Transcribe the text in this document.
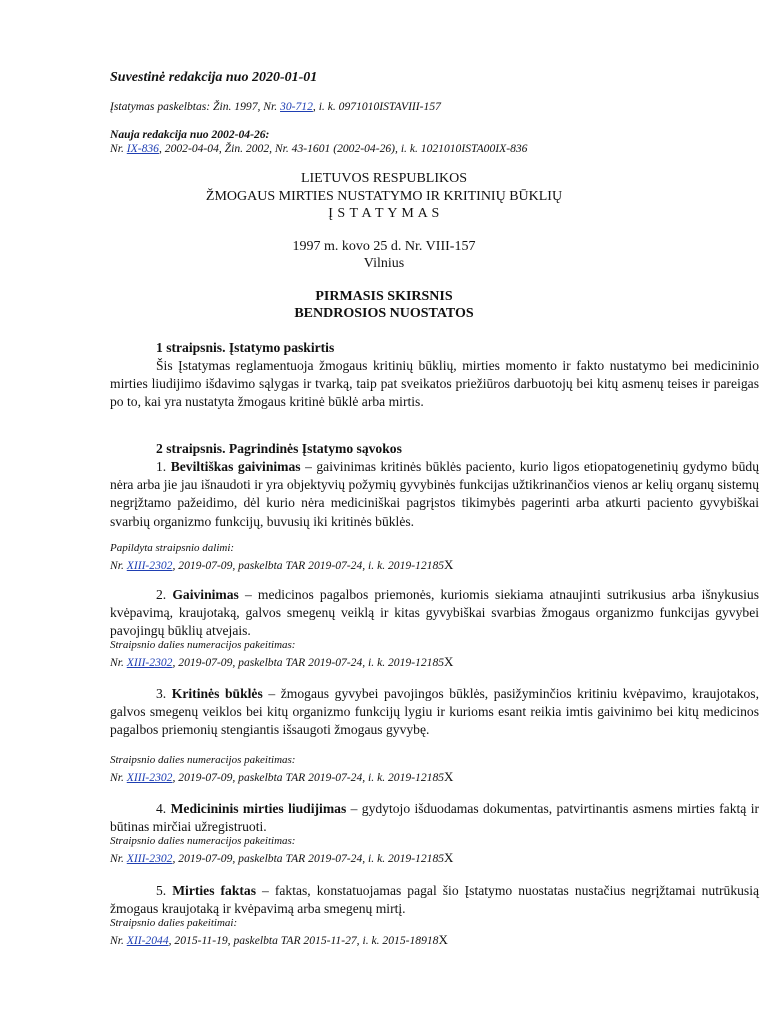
Suvestinė redakcija nuo 2020-01-01
Įstatymas paskelbtas: Žin. 1997, Nr. 30-712, i. k. 0971010ISTAVIII-157
Nauja redakcija nuo 2002-04-26:
Nr. IX-836, 2002-04-04, Žin. 2002, Nr. 43-1601 (2002-04-26), i. k. 1021010ISTA00IX-836
LIETUVOS RESPUBLIKOS
ŽMOGAUS MIRTIES NUSTATYMO IR KRITINIŲ BŪKLIŲ
Į S T A T Y M A S
1997 m. kovo 25 d. Nr. VIII-157
Vilnius
PIRMASIS SKIRSNIS
BENDROSIOS NUOSTATOS
1 straipsnis. Įstatymo paskirtis
Šis Įstatymas reglamentuoja žmogaus kritinių būklių, mirties momento ir fakto nustatymo bei medicininio mirties liudijimo išdavimo sąlygas ir tvarką, taip pat sveikatos priežiūros darbuotojų bei kitų asmenų teises ir pareigas po to, kai yra nustatyta žmogaus kritinė būklė arba mirtis.
2 straipsnis. Pagrindinės Įstatymo sąvokos
1. Beviltiškas gaivinimas – gaivinimas kritinės būklės paciento, kurio ligos etiopatogenetinių gydymo būdų nėra arba jie jau išnaudoti ir yra objektyvių požymių gyvybinės funkcijas užtikrinančios vienos ar kelių organų sistemų negrįžtamo pažeidimo, dėl kurio nėra mediciniškai pagrįstos tikimybės pagerinti arba atkurti paciento gyvybiškai svarbių organizmo funkcijų, buvusių iki kritinės būklės.
Papildyta straipsnio dalimi:
Nr. XIII-2302, 2019-07-09, paskelbta TAR 2019-07-24, i. k. 2019-12185X
2. Gaivinimas – medicinos pagalbos priemonės, kuriomis siekiama atnaujinti sutrikusius arba išnykusius kvėpavimą, kraujotaką, galvos smegenų veiklą ir kitas gyvybiškai svarbias žmogaus organizmo funkcijas gyvybei pavojingų būklių atvejais.
Straipsnio dalies numeracijos pakeitimas:
Nr. XIII-2302, 2019-07-09, paskelbta TAR 2019-07-24, i. k. 2019-12185X
3. Kritinės būklės – žmogaus gyvybei pavojingos būklės, pasižyminčios kritiniu kvėpavimo, kraujotakos, galvos smegenų veiklos bei kitų organizmo funkcijų lygiu ir kurioms esant reikia imtis gaivinimo bei kitų medicinos pagalbos priemonių stengiantis išsaugoti žmogaus gyvybę.
Straipsnio dalies numeracijos pakeitimas:
Nr. XIII-2302, 2019-07-09, paskelbta TAR 2019-07-24, i. k. 2019-12185X
4. Medicininis mirties liudijimas – gydytojo išduodamas dokumentas, patvirtinantis asmens mirties faktą ir būtinas mirčiai užregistruoti.
Straipsnio dalies numeracijos pakeitimas:
Nr. XIII-2302, 2019-07-09, paskelbta TAR 2019-07-24, i. k. 2019-12185X
5. Mirties faktas – faktas, konstatuojamas pagal šio Įstatymo nuostatas nustačius negrįžtamai nutrūkusią žmogaus kraujotaką ir kvėpavimą arba smegenų mirtį.
Straipsnio dalies pakeitimai:
Nr. XII-2044, 2015-11-19, paskelbta TAR 2015-11-27, i. k. 2015-18918X
